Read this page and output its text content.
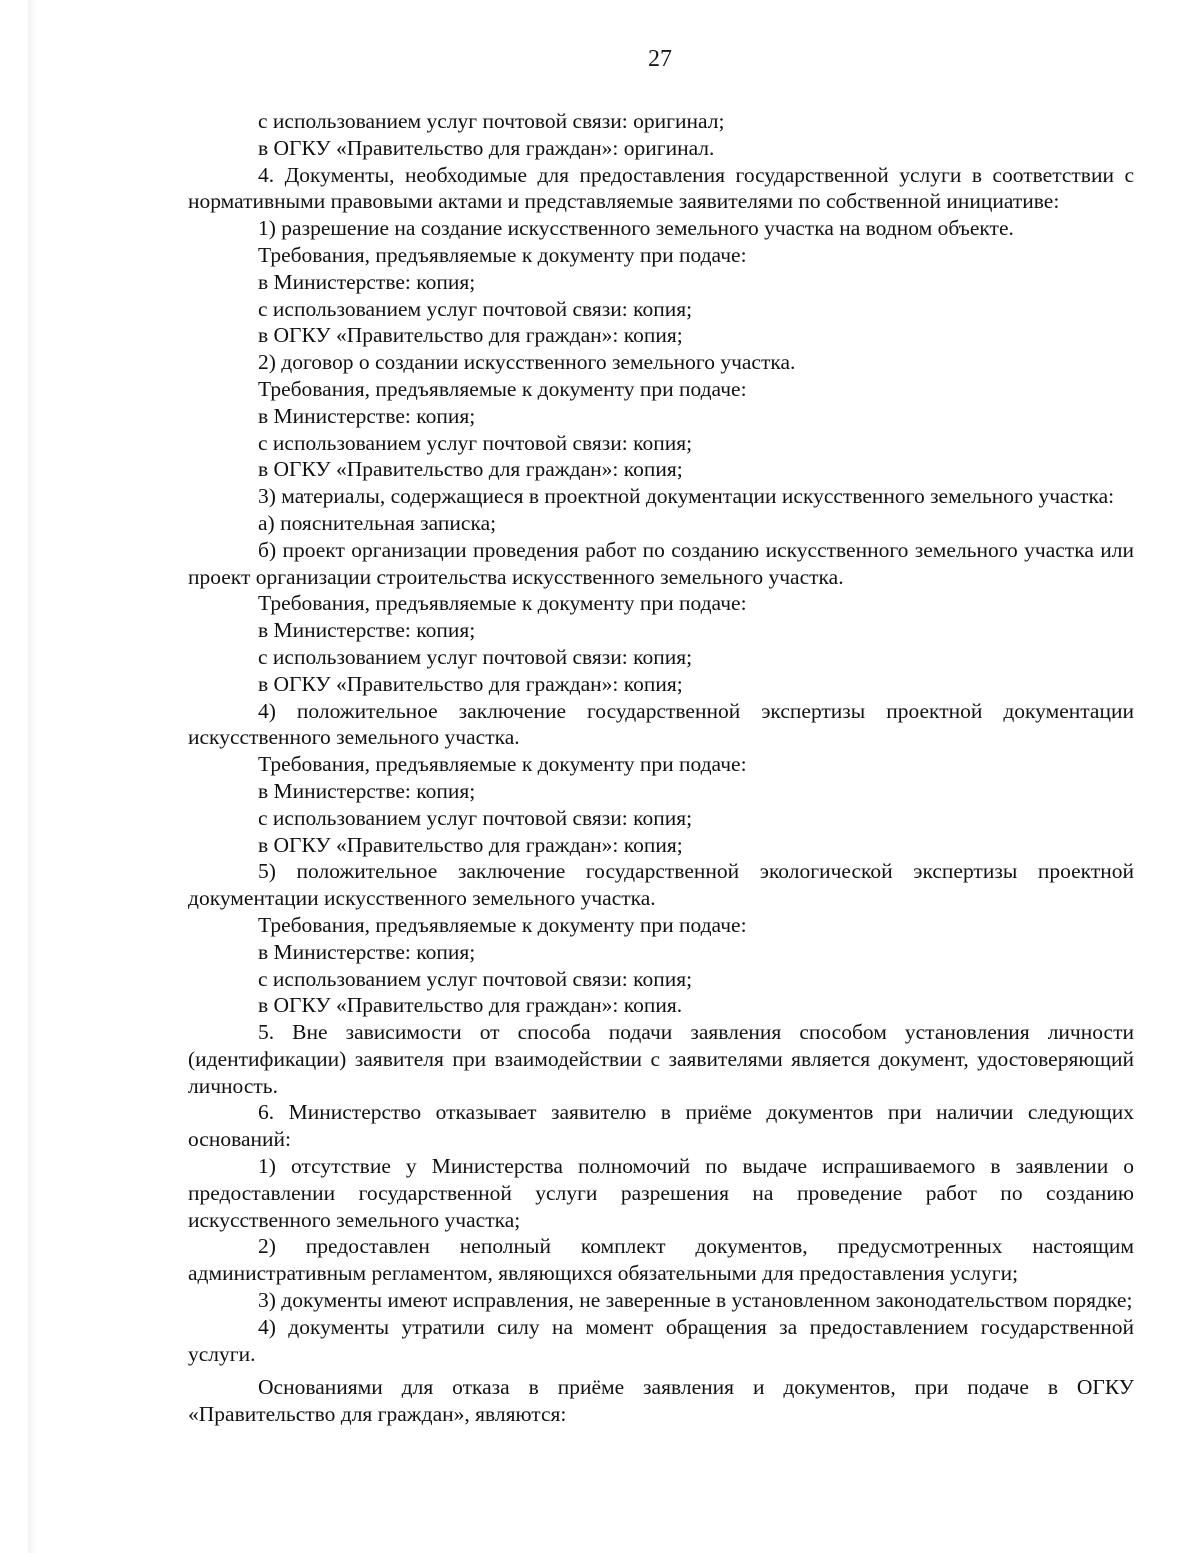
27

с использованием услуг почтовой связи: оригинал;

в ОГКУ «Правительство для граждан»: оригинал.

4. Документы, необходимые для предоставления государственной услуги в соответствии с нормативными правовыми актами и представляемые заявителями по собственной инициативе:

1) разрешение на создание искусственного земельного участка на водном объекте.

Требования, предъявляемые к документу при подаче:

в Министерстве: копия;

с использованием услуг почтовой связи: копия;

в ОГКУ «Правительство для граждан»: копия;

2) договор о создании искусственного земельного участка.

Требования, предъявляемые к документу при подаче:

в Министерстве: копия;

с использованием услуг почтовой связи: копия;

в ОГКУ «Правительство для граждан»: копия;

3) материалы, содержащиеся в проектной документации искусственного земельного участка:

а) пояснительная записка;

б) проект организации проведения работ по созданию искусственного земельного участка или проект организации строительства искусственного земельного участка.

Требования, предъявляемые к документу при подаче:

в Министерстве: копия;

с использованием услуг почтовой связи: копия;

в ОГКУ «Правительство для граждан»: копия;

4) положительное заключение государственной экспертизы проектной документации искусственного земельного участка.

Требования, предъявляемые к документу при подаче:

в Министерстве: копия;

с использованием услуг почтовой связи: копия;

в ОГКУ «Правительство для граждан»: копия;

5) положительное заключение государственной экологической экспертизы проектной документации искусственного земельного участка.

Требования, предъявляемые к документу при подаче:

в Министерстве: копия;

с использованием услуг почтовой связи: копия;

в ОГКУ «Правительство для граждан»: копия.

5. Вне зависимости от способа подачи заявления способом установления личности (идентификации) заявителя при взаимодействии с заявителями является документ, удостоверяющий личность.

6. Министерство отказывает заявителю в приёме документов при наличии следующих оснований:

1) отсутствие у Министерства полномочий по выдаче испрашиваемого в заявлении о предоставлении государственной услуги разрешения на проведение работ по созданию искусственного земельного участка;

2) предоставлен неполный комплект документов, предусмотренных настоящим административным регламентом, являющихся обязательными для предоставления услуги;

3) документы имеют исправления, не заверенные в установленном законодательством порядке;

4) документы утратили силу на момент обращения за предоставлением государственной услуги.

Основаниями для отказа в приёме заявления и документов, при подаче в ОГКУ «Правительство для граждан», являются:
